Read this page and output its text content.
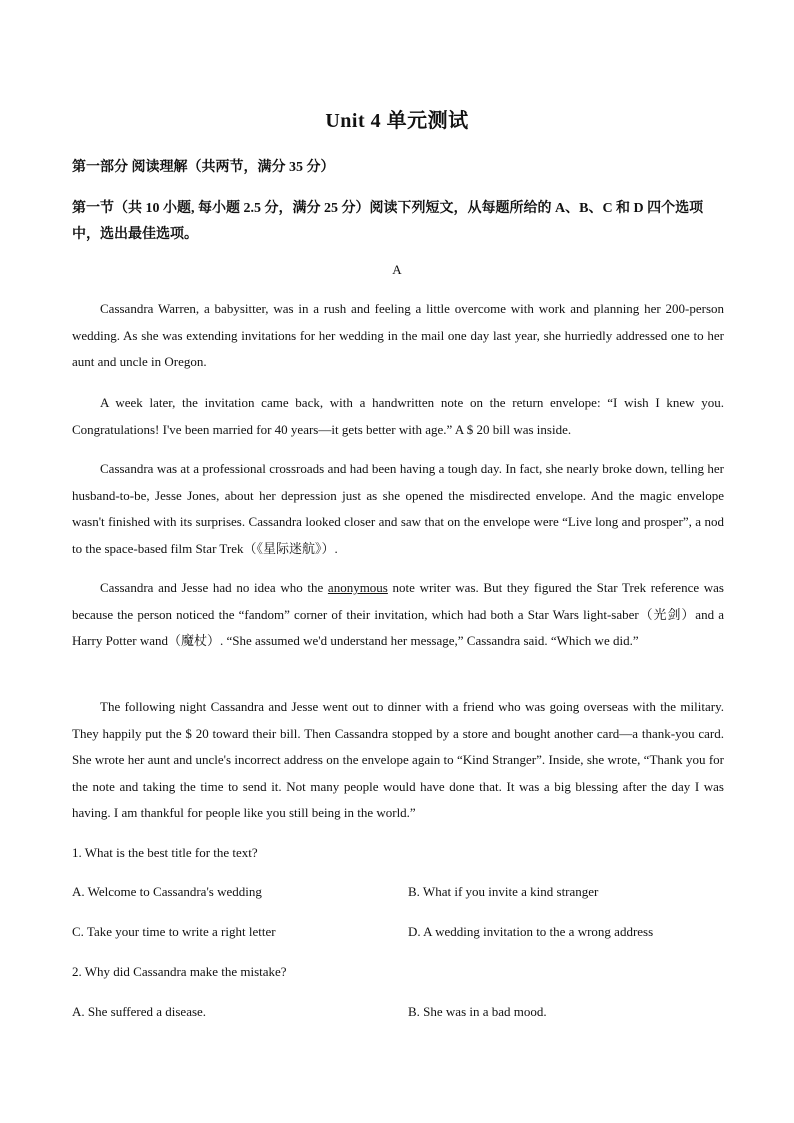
Unit 4 单元测试
第一部分 阅读理解（共两节，满分 35 分）
第一节（共 10 小题, 每小题 2.5 分，满分 25 分）阅读下列短文，从每题所给的 A、B、C 和 D 四个选项中，选出最佳选项。
A

Cassandra Warren, a babysitter, was in a rush and feeling a little overcome with work and planning her 200-person wedding. As she was extending invitations for her wedding in the mail one day last year, she hurriedly addressed one to her aunt and uncle in Oregon.

A week later, the invitation came back, with a handwritten note on the return envelope: “I wish I knew you. Congratulations! I've been married for 40 years—it gets better with age.” A $ 20 bill was inside.

Cassandra was at a professional crossroads and had been having a tough day. In fact, she nearly broke down, telling her husband-to-be, Jesse Jones, about her depression just as she opened the misdirected envelope. And the magic envelope wasn't finished with its surprises. Cassandra looked closer and saw that on the envelope were “Live long and prosper”, a nod to the space-based film Star Trek（《星际迷航》）.

Cassandra and Jesse had no idea who the anonymous note writer was. But they figured the Star Trek reference was because the person noticed the “fandom” corner of their invitation, which had both a Star Wars light-saber（光剑）and a Harry Potter wand（魔杖）. “She assumed we'd understand her message,” Cassandra said. “Which we did.”

The following night Cassandra and Jesse went out to dinner with a friend who was going overseas with the military. They happily put the $ 20 toward their bill. Then Cassandra stopped by a store and bought another card—a thank-you card. She wrote her aunt and uncle's incorrect address on the envelope again to “Kind Stranger”. Inside, she wrote, “Thank you for the note and taking the time to send it. Not many people would have done that. It was a big blessing after the day I was having. I am thankful for people like you still being in the world.”

1. What is the best title for the text?
A. Welcome to Cassandra's wedding	B. What if you invite a kind stranger
C. Take your time to write a right letter	D. A wedding invitation to the a wrong address
2. Why did Cassandra make the mistake?
A. She suffered a disease.	B. She was in a bad mood.
